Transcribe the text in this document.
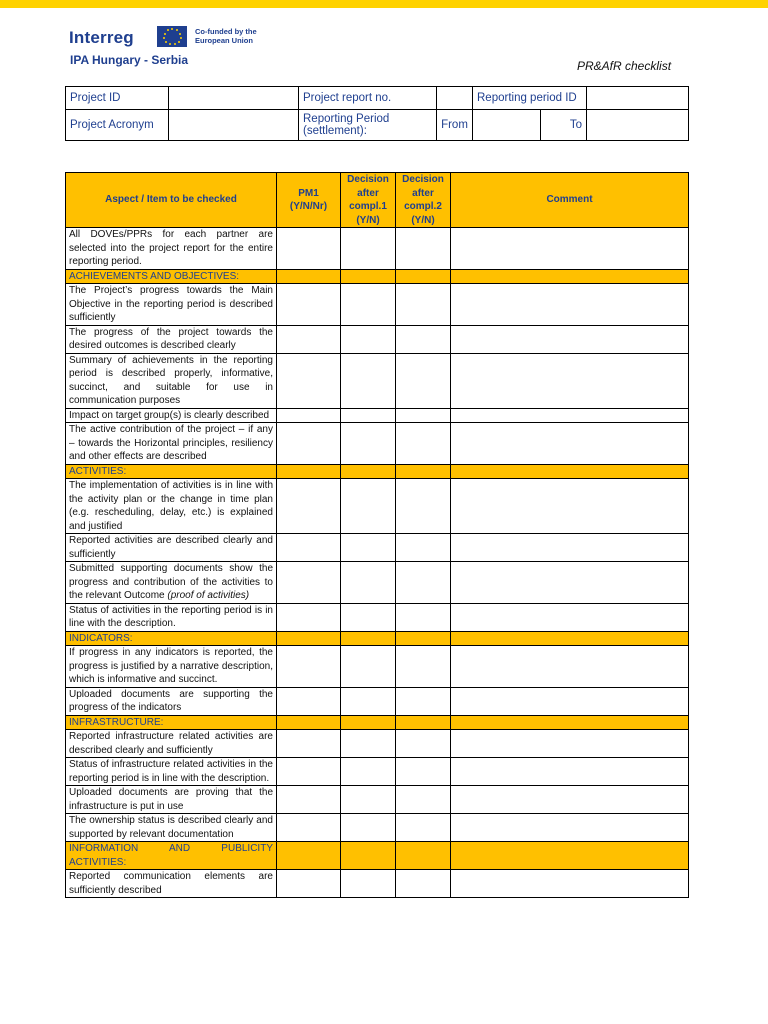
Interreg	Co-funded by the European Union
IPA Hungary - Serbia	PR&AfR checklist
Project ID		Project report no.		Reporting period ID		
Project Acronym		Reporting Period (settlement):	From		To	
Aspect / Item to be checked	PM1 (Y/N/Nr)	Decision after compl.1 (Y/N)	Decision after compl.2 (Y/N)	Comment
All DOVEs/PPRs for each partner are selected into the project report for the entire reporting period.				
ACHIEVEMENTS AND OBJECTIVES:				
The Project’s progress towards the Main Objective in the reporting period is described sufficiently				
The progress of the project towards the desired outcomes is described clearly				
Summary of achievements in the reporting period is described properly, informative, succinct, and suitable for use in communication purposes				
Impact on target group(s) is clearly described				
The active contribution of the project – if any – towards the Horizontal principles, resiliency and other effects are described				
ACTIVITIES:				
The implementation of activities is in line with the activity plan or the change in time plan (e.g. rescheduling, delay, etc.) is explained and justified				
Reported activities are described clearly and sufficiently				
Submitted supporting documents show the progress and contribution of the activities to the relevant Outcome (proof of activities)				
Status of activities in the reporting period is in line with the description.				
INDICATORS:				
If progress in any indicators is reported, the progress is justified by a narrative description, which is informative and succinct.				
Uploaded documents are supporting the progress of the indicators				
INFRASTRUCTURE:				
Reported infrastructure related activities are described clearly and sufficiently				
Status of infrastructure related activities in the reporting period is in line with the description.				
Uploaded documents are proving that the infrastructure is put in use				
The ownership status is described clearly and supported by relevant documentation				
INFORMATION AND PUBLICITY ACTIVITIES:				
Reported communication elements are sufficiently described				
